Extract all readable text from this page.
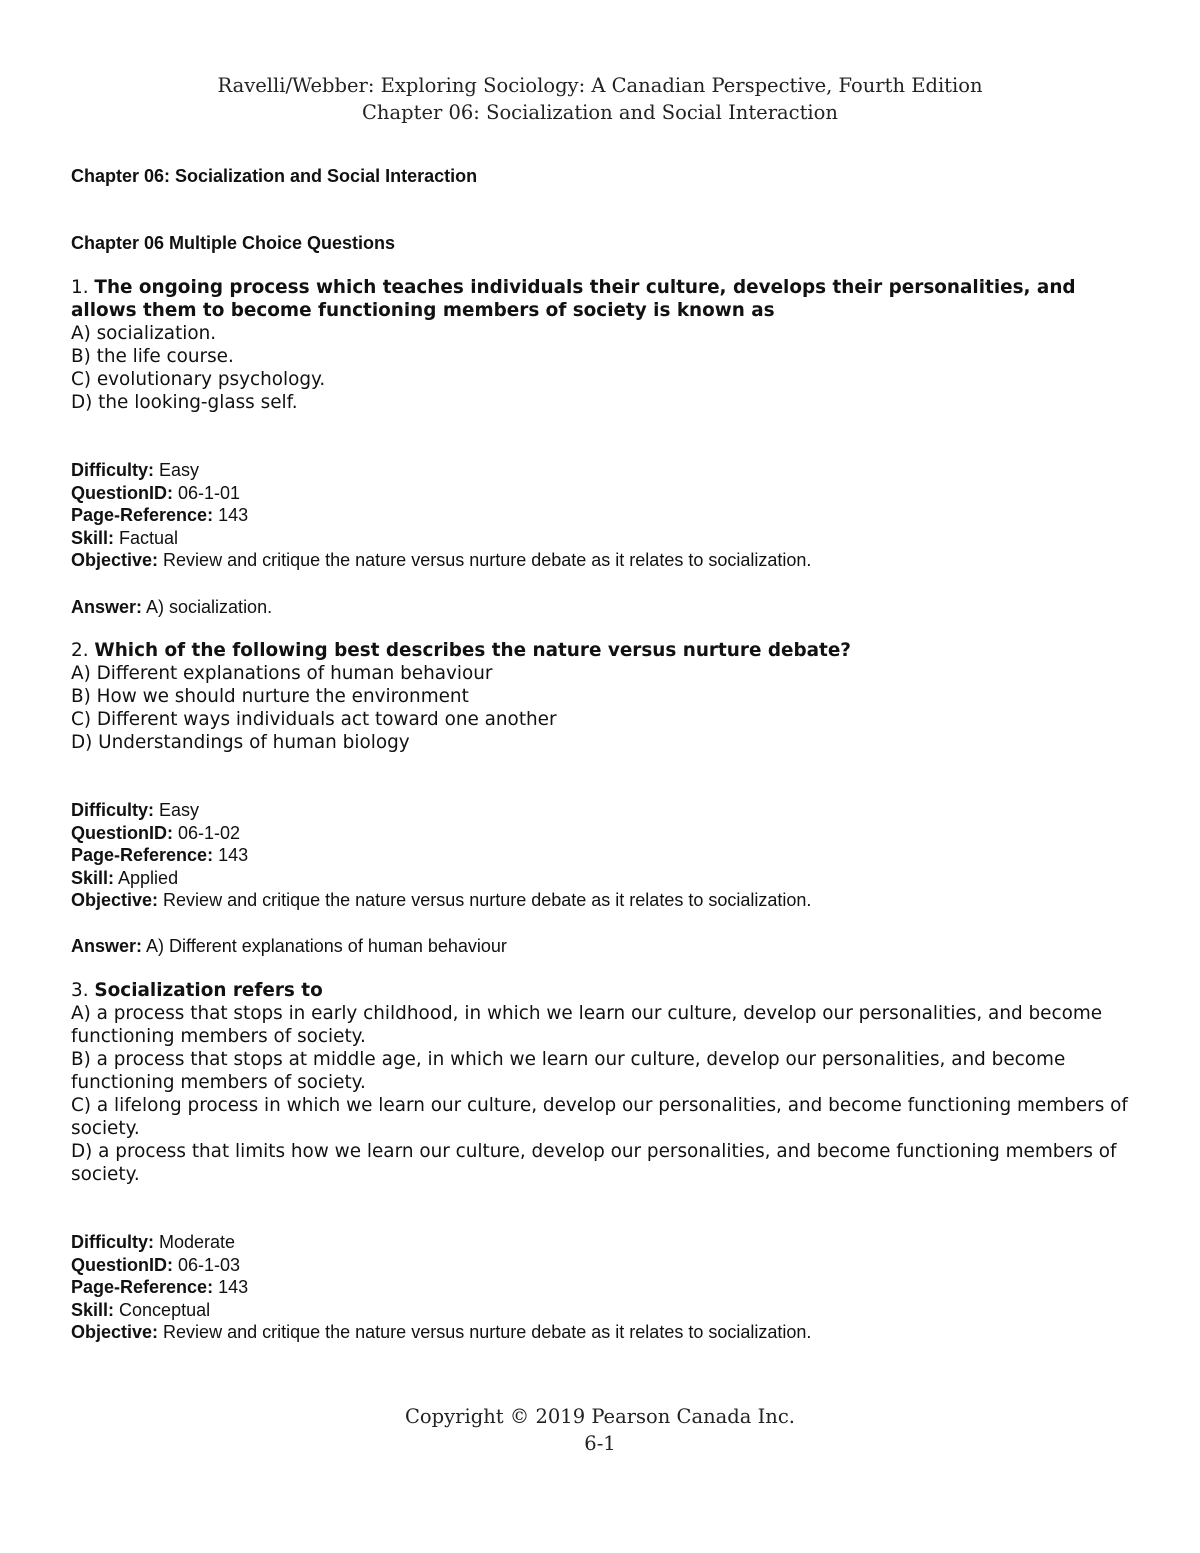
Ravelli/Webber: Exploring Sociology: A Canadian Perspective, Fourth Edition
Chapter 06: Socialization and Social Interaction
Chapter 06: Socialization and Social Interaction
Chapter 06 Multiple Choice Questions
1. The ongoing process which teaches individuals their culture, develops their personalities, and allows them to become functioning members of society is known as
A) socialization.
B) the life course.
C) evolutionary psychology.
D) the looking-glass self.
Difficulty: Easy
QuestionID: 06-1-01
Page-Reference: 143
Skill: Factual
Objective: Review and critique the nature versus nurture debate as it relates to socialization.
Answer: A) socialization.
2. Which of the following best describes the nature versus nurture debate?
A) Different explanations of human behaviour
B) How we should nurture the environment
C) Different ways individuals act toward one another
D) Understandings of human biology
Difficulty: Easy
QuestionID: 06-1-02
Page-Reference: 143
Skill: Applied
Objective: Review and critique the nature versus nurture debate as it relates to socialization.
Answer: A) Different explanations of human behaviour
3. Socialization refers to
A) a process that stops in early childhood, in which we learn our culture, develop our personalities, and become functioning members of society.
B) a process that stops at middle age, in which we learn our culture, develop our personalities, and become functioning members of society.
C) a lifelong process in which we learn our culture, develop our personalities, and become functioning members of society.
D) a process that limits how we learn our culture, develop our personalities, and become functioning members of society.
Difficulty: Moderate
QuestionID: 06-1-03
Page-Reference: 143
Skill: Conceptual
Objective: Review and critique the nature versus nurture debate as it relates to socialization.
Copyright © 2019 Pearson Canada Inc.
6-1
